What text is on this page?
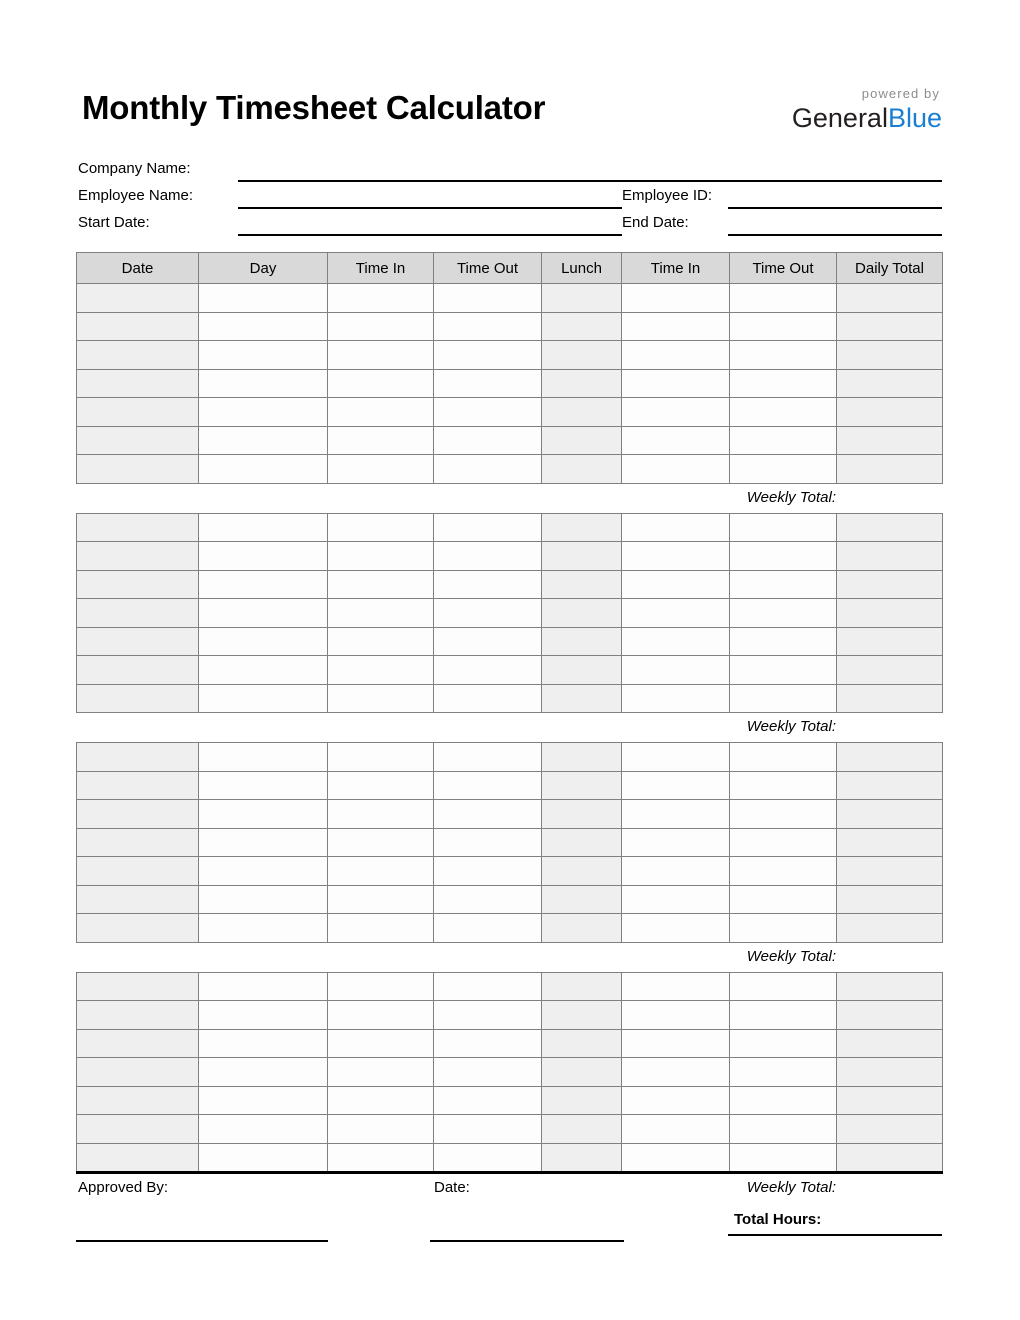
Monthly Timesheet Calculator	powered by
GeneralBlue
Company Name:
Employee Name:	Employee ID:
Start Date:	End Date:
Date	Day	Time In	Time Out	Lunch	Time In	Time Out	Daily Total

Weekly Total:

Weekly Total:

Weekly Total:

Approved By:	Date:	Weekly Total:
Total Hours:
